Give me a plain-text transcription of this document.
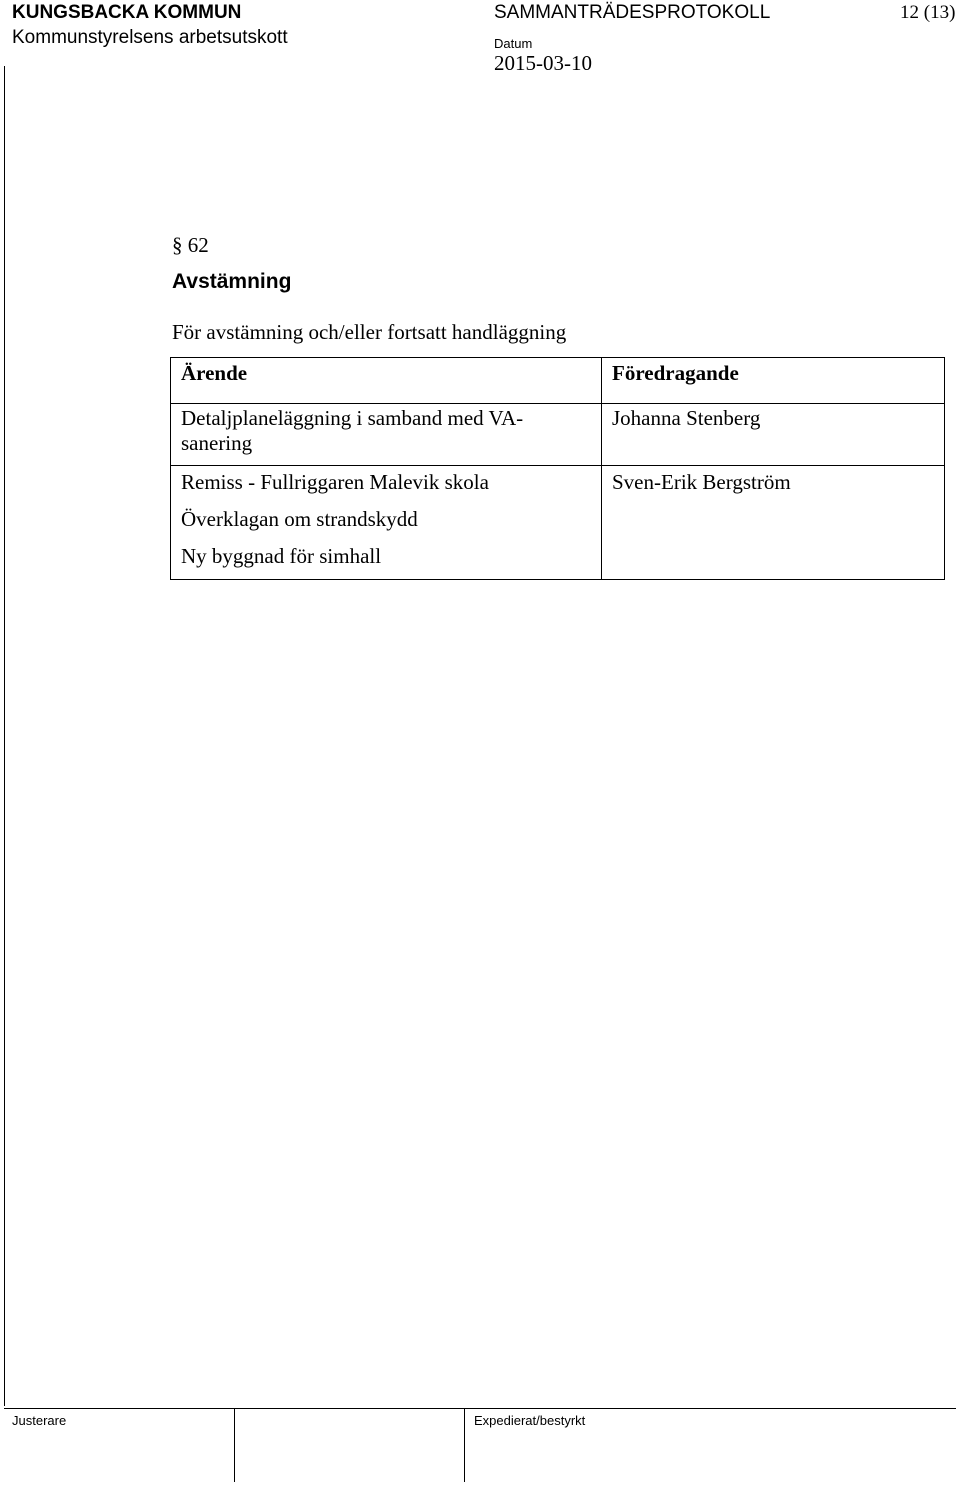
KUNGSBACKA KOMMUN
Kommunstyrelsens arbetsutskott
SAMMANTRÄDESPROTOKOLL	12 (13)
Datum
2015-03-10
§ 62
Avstämning
För avstämning och/eller fortsatt handläggning
Ärende	Föredragande

Detaljplaneläggning i samband med VA-
sanering	Johanna Stenberg
Remiss - Fullriggaren Malevik skola	Sven-Erik Bergström
Överklagan om strandskydd	
Ny byggnad för simhall	
Justerare	Expedierat/bestyrkt
